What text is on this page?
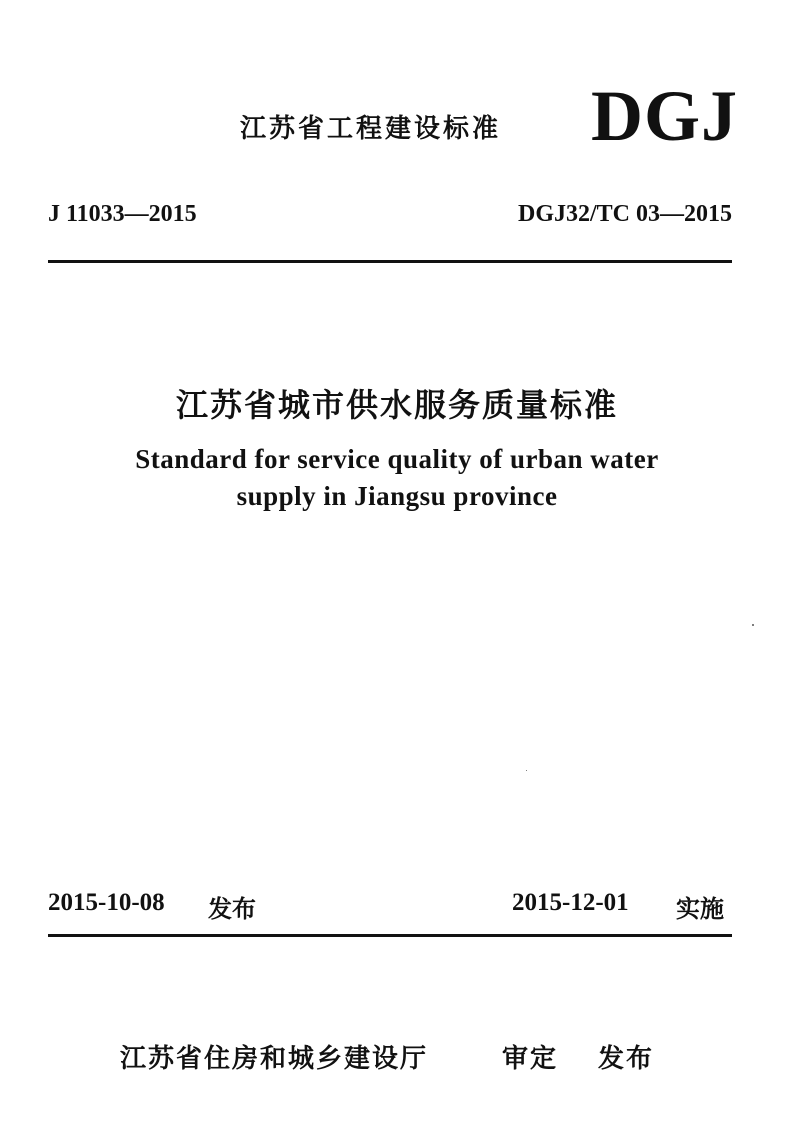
江苏省工程建设标准 DGJ
J 11033—2015	DGJ32/TC 03—2015
江苏省城市供水服务质量标准
Standard for service quality of urban water
supply in Jiangsu province
2015-10-08 发布	2015-12-01 实施
江苏省住房和城乡建设厅	审定 发布
